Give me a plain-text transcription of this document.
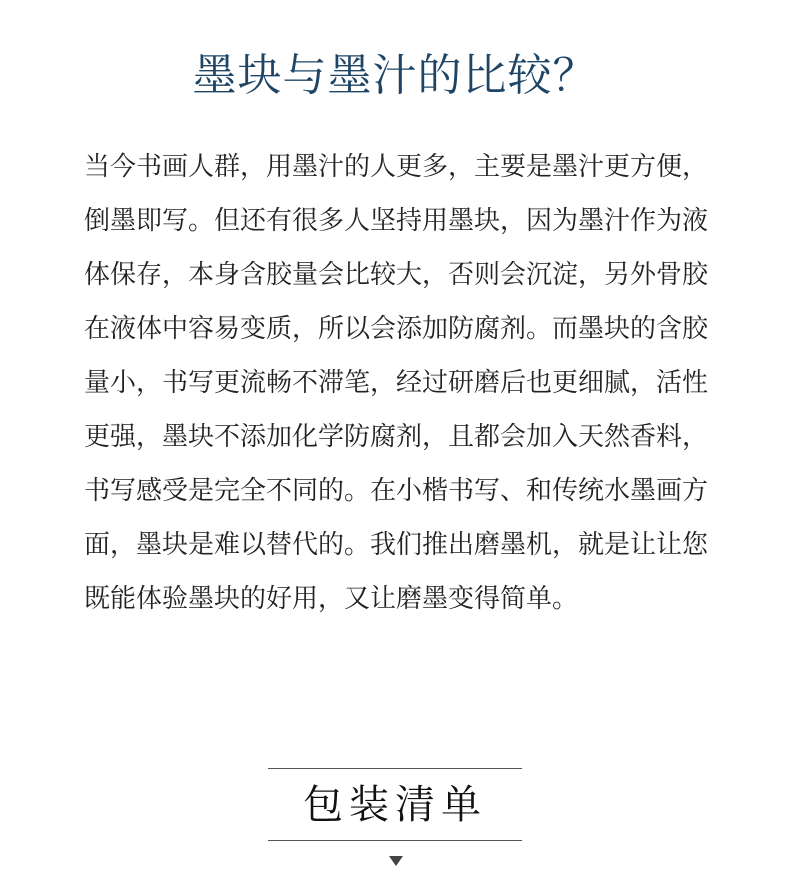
墨块与墨汁的比较？

当今书画人群，用墨汁的人更多，主要是墨汁更方便，倒墨即写。但还有很多人坚持用墨块，因为墨汁作为液体保存，本身含胶量会比较大，否则会沉淀，另外骨胶在液体中容易变质，所以会添加防腐剂。而墨块的含胶量小，书写更流畅不滞笔，经过研磨后也更细腻，活性更强，墨块不添加化学防腐剂，且都会加入天然香料，书写感受是完全不同的。在小楷书写、和传统水墨画方面，墨块是难以替代的。我们推出磨墨机，就是让让您既能体验墨块的好用，又让磨墨变得简单。

包装清单
